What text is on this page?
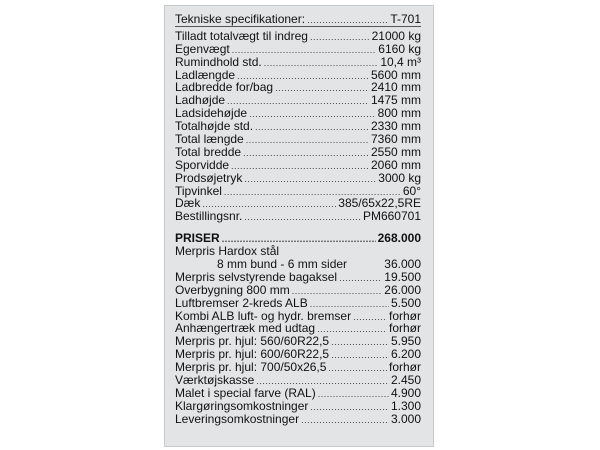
Tekniske specifikationer: .....	T-701
Tilladt totalvægt til indreg .....	21000 kg
Egenvægt .....	6160 kg
Rumindhold std. .....	10,4 m³
Ladlængde .....	5600 mm
Ladbredde for/bag .....	2410 mm
Ladhøjde .....	1475 mm
Ladsidehøjde .....	800 mm
Totalhøjde std. .....	2330 mm
Total længde .....	7360 mm
Total bredde .....	2550 mm
Sporvidde .....	2060 mm
Prodsøjetryk .....	3000 kg
Tipvinkel .....	60°
Dæk .....	385/65x22,5RE
Bestillingsnr. .....	PM660701
PRISER .....	268.000
Merpris Hardox stål
8 mm bund - 6 mm sider	36.000
Merpris selvstyrende bagaksel .....	19.500
Overbygning 800 mm .....	26.000
Luftbremser 2-kreds ALB .....	5.500
Kombi ALB luft- og hydr. bremser .....	forhør
Anhængertræk med udtag .....	forhør
Merpris pr. hjul: 560/60R22,5 .....	5.950
Merpris pr. hjul: 600/60R22,5 .....	6.200
Merpris pr. hjul: 700/50x26,5 .....	forhør
Værktøjskasse .....	2.450
Malet i special farve (RAL) .....	4.900
Klargøringsomkostninger .....	1.300
Leveringsomkostninger .....	3.000
